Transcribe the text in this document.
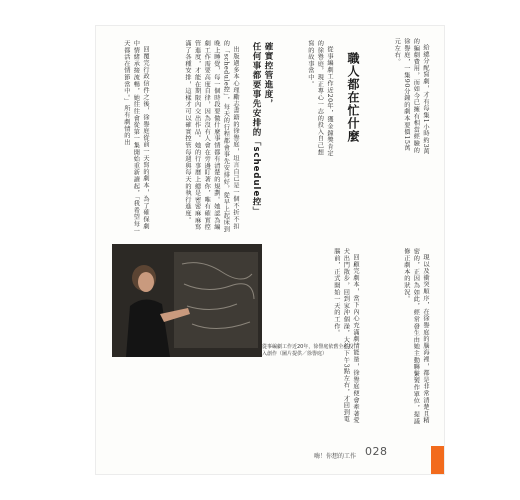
給總分配寫劇，才有每集1小時約3萬的編劇費用，而如今已擁有相當經驗的徐譽庭，一集90分鐘的劇本要價15萬元左右。

職人都在忙什麼

從事編劇工作近20年，獲金鐘獎肯定的徐譽庭，現正專心一志的投入自己想寫的故事當中。

確實控管進度，
任何事都要事先安排的「schedule控」

出版過多本心理勵志書籍的徐譽庭，坦言自己是一個不折不扣的「schedule控」，每天的行程都會事先安排好，從早上起床到晚上睡覺，每一個時段要做什麼事情都有清楚的規劃。她認為編劇工作需要高度自律，因為沒有人會在旁邊盯著你，唯有確實控管進度，才能在期限內交出作品。她的行事曆上總是密密麻麻寫滿了各種安排，這樣才可以確實控管每週與每天的執行進度。

回覆完行政信件之後，徐譽庭從前一天寫的劇本，為了確保劇中情緒承接流暢，她往往會從第一集開始重新讀起，「我希望每一天都活在情節當中。」所有劇情的出

從事編劇工作近20年，徐譽庭依舊全心投入創作（圖片提供／徐譽庭）	現以及衝突順序，在徐譽庭的腦海裡，都是非常清楚且精密的，正因為如此，經常發生由她主動聯繫製作單位，提議修正劇本的狀況。

回顧完劇本，當下內心充滿劇情能量，徐譽庭便會牽著愛犬出門散步，回到家沖個澡，大約下午3點左右，才回到電腦前，正式開始一天的工作。

嗨！你想的工作 028
